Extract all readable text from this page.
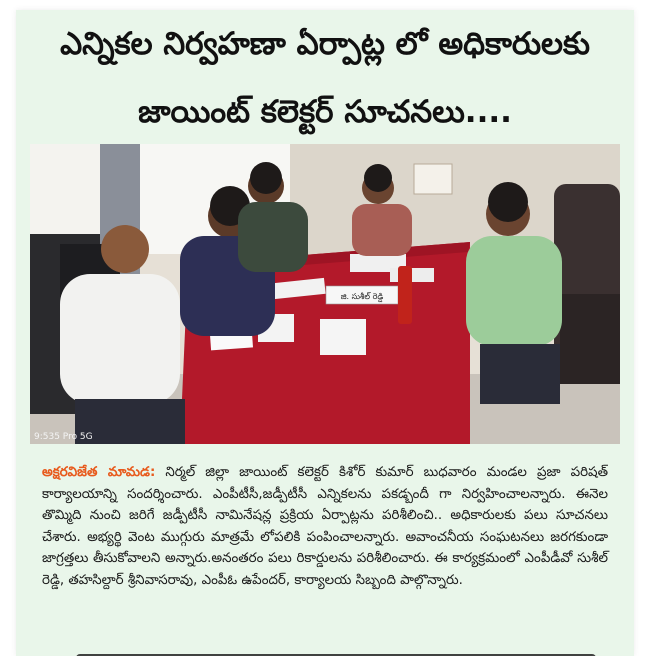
ఎన్నికల నిర్వహణా ఏర్పాట్ల లో అధికారులకు
జాయింట్ కలెక్టర్ సూచనలు....
జి. సుశీల్ రెడ్డి
9:535 Pro 5G

అక్షరవిజేత మామడ: నిర్మల్ జిల్లా జాయింట్ కలెక్టర్ కిశోర్ కుమార్ బుధవారం మండల ప్రజా పరిషత్ కార్యాలయాన్ని సందర్శించారు. ఎంపీటీసీ,జడ్పీటీసీ ఎన్నికలను పకడ్బందీ గా నిర్వహించాలన్నారు. ఈనెల తొమ్మిది నుంచి జరిగే జడ్పీటీసీ నామినేషన్ల ప్రక్రియ ఏర్పాట్లను పరిశీలించి.. అధికారులకు పలు సూచనలు చేశారు. అభ్యర్థి వెంట ముగ్గురు మాత్రమే లోపలికి పంపించాలన్నారు. అవాంచనీయ సంఘటనలు జరగకుండా జాగ్రత్తలు తీసుకోవాలని అన్నారు.అనంతరం పలు రికార్డులను పరిశీలించారు. ఈ కార్యక్రమంలో ఎంపీడీవో సుశీల్ రెడ్డి, తహసిల్దార్ శ్రీనివాసరావు, ఎంపీఓ ఉపేందర్, కార్యాలయ సిబ్బంది పాల్గొన్నారు.
